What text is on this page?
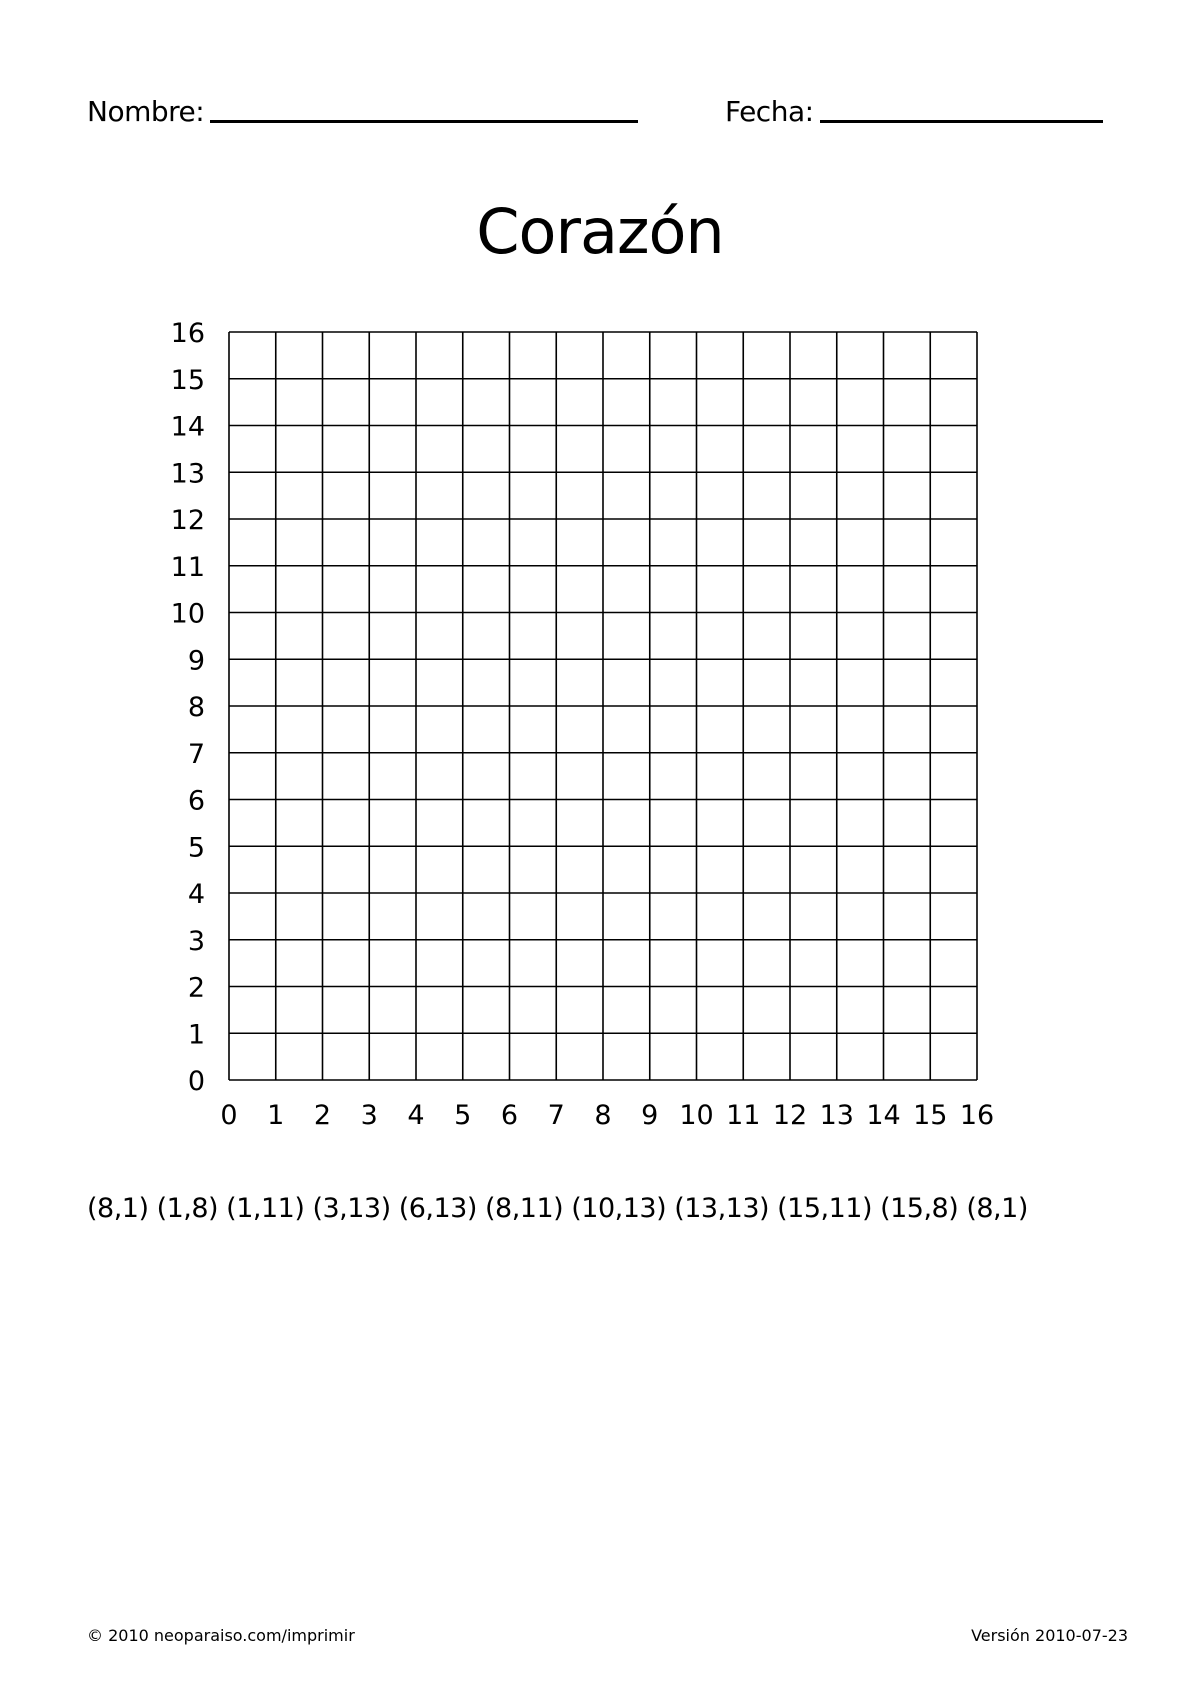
Nombre:	Fecha:
Corazón
0
1
2
3
4
5
6
7
8
9
10
11
12
13
14
15
16
0 1 2 3 4 5 6 7 8 9 10 11 12 13 14 15 16
(8,1) (1,8) (1,11) (3,13) (6,13) (8,11) (10,13) (13,13) (15,11) (15,8) (8,1)
© 2010 neoparaiso.com/imprimir	Versión 2010-07-23
